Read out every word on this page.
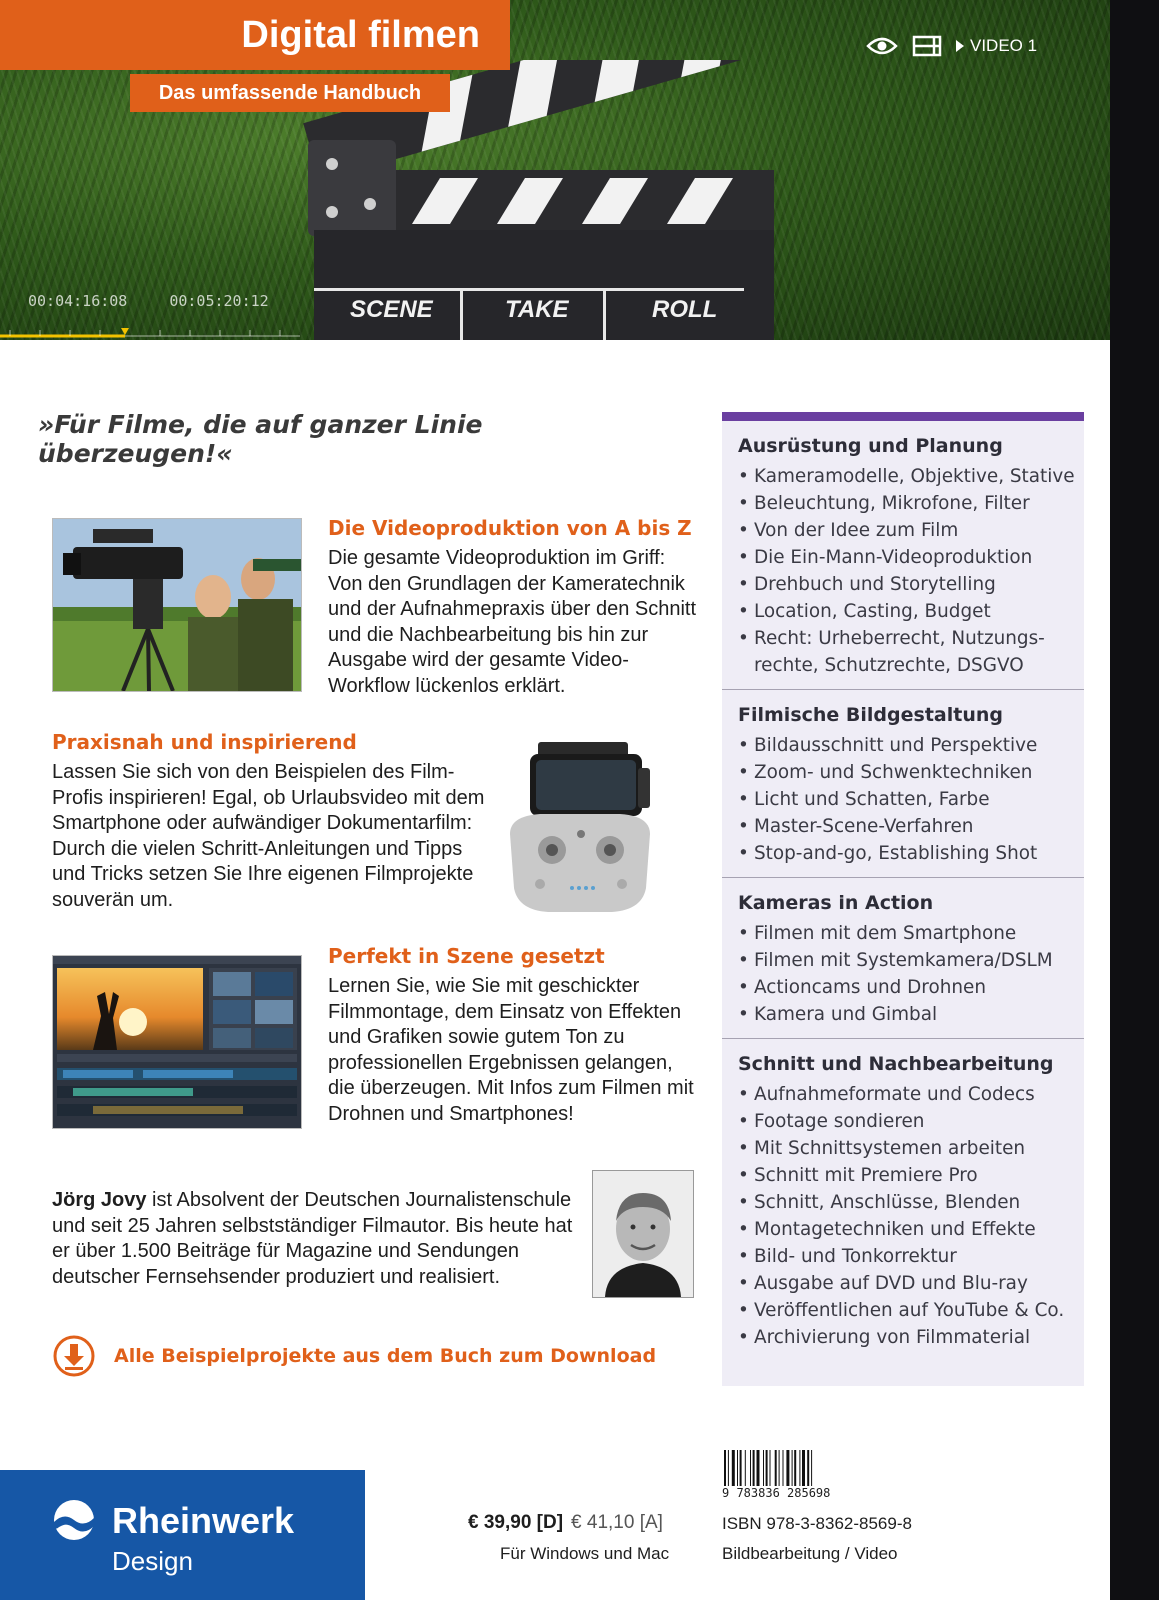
SCENE	TAKE	ROLL
Digital filmen
Das umfassende Handbuch
VIDEO 1
00:04:16:08	00:05:20:12
»Für Filme, die auf ganzer Linie überzeugen!«

Die Videoproduktion von A bis Z

Die gesamte Videoproduktion im Griff: Von den Grundlagen der Kameratechnik und der Aufnahmepraxis über den Schnitt und die Nachbearbeitung bis hin zur Ausgabe wird der gesamte Video-Workflow lückenlos erklärt.

Praxisnah und inspirierend

Lassen Sie sich von den Beispielen des Film-Profis inspirieren! Egal, ob Urlaubsvideo mit dem Smartphone oder aufwändiger Dokumentarfilm: Durch die vielen Schritt-Anleitungen und Tipps und Tricks setzen Sie Ihre eigenen Filmprojekte souverän um.

Perfekt in Szene gesetzt

Lernen Sie, wie Sie mit geschickter Filmmontage, dem Einsatz von Effekten und Grafiken sowie gutem Ton zu professionellen Ergebnissen gelangen, die überzeugen. Mit Infos zum Filmen mit Drohnen und Smartphones!

Jörg Jovy ist Absolvent der Deutschen Journalistenschule und seit 25 Jahren selbstständiger Filmautor. Bis heute hat er über 1.500 Beiträge für Magazine und Sendungen deutscher Fernsehsender produziert und realisiert.

Alle Beispielprojekte aus dem Buch zum Download
Ausrüstung und Planung
• Kameramodelle, Objektive, Stative
• Beleuchtung, Mikrofone, Filter
• Von der Idee zum Film
• Die Ein-Mann-Videoproduktion
• Drehbuch und Storytelling
• Location, Casting, Budget
• Recht: Urheberrecht, Nutzungs-rechte, Schutzrechte, DSGVO
Filmische Bildgestaltung
• Bildausschnitt und Perspektive
• Zoom- und Schwenktechniken
• Licht und Schatten, Farbe
• Master-Scene-Verfahren
• Stop-and-go, Establishing Shot
Kameras in Action
• Filmen mit dem Smartphone
• Filmen mit Systemkamera/DSLM
• Actioncams und Drohnen
• Kamera und Gimbal
Schnitt und Nachbearbeitung
• Aufnahmeformate und Codecs
• Footage sondieren
• Mit Schnittsystemen arbeiten
• Schnitt mit Premiere Pro
• Schnitt, Anschlüsse, Blenden
• Montagetechniken und Effekte
• Bild- und Tonkorrektur
• Ausgabe auf DVD und Blu-ray
• Veröffentlichen auf YouTube & Co.
• Archivierung von Filmmaterial
Rheinwerk
Design
€ 39,90 [D] € 41,10 [A]
Für Windows und Mac
9 783836 285698
ISBN 978-3-8362-8569-8
Bildbearbeitung / Video
